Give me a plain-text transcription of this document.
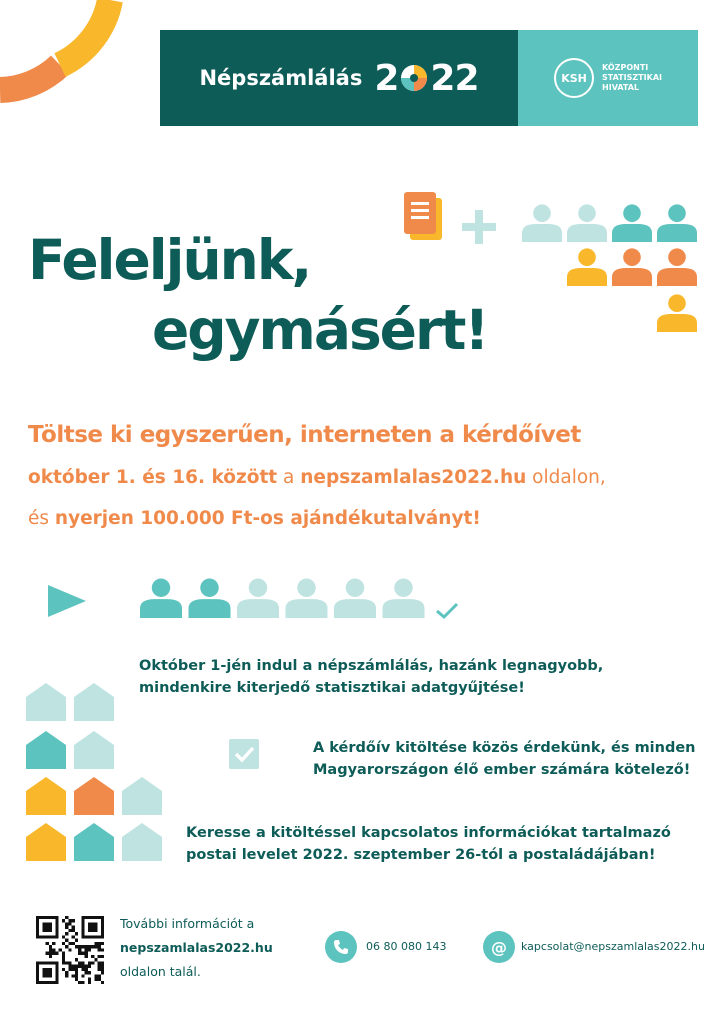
Népszámlálás 2 22	KSH
KÖZPONTI
STATISZTIKAI
HIVATAL
Feleljünk,
egymásért!
Töltse ki egyszerűen, interneten a kérdőívet
október 1. és 16. között a nepszamlalas2022.hu oldalon,
és nyerjen 100.000 Ft-os ajándékutalványt!
Október 1-jén indul a népszámlálás, hazánk legnagyobb, mindenkire kiterjedő statisztikai adatgyűjtése!
A kérdőív kitöltése közös érdekünk, és minden Magyarországon élő ember számára kötelező!
Keresse a kitöltéssel kapcsolatos információkat tartalmazó postai levelet 2022. szeptember 26-tól a postaládájában!
További információt a
nepszamlalas2022.hu
oldalon talál.
06 80 080 143	@	kapcsolat@nepszamlalas2022.hu
